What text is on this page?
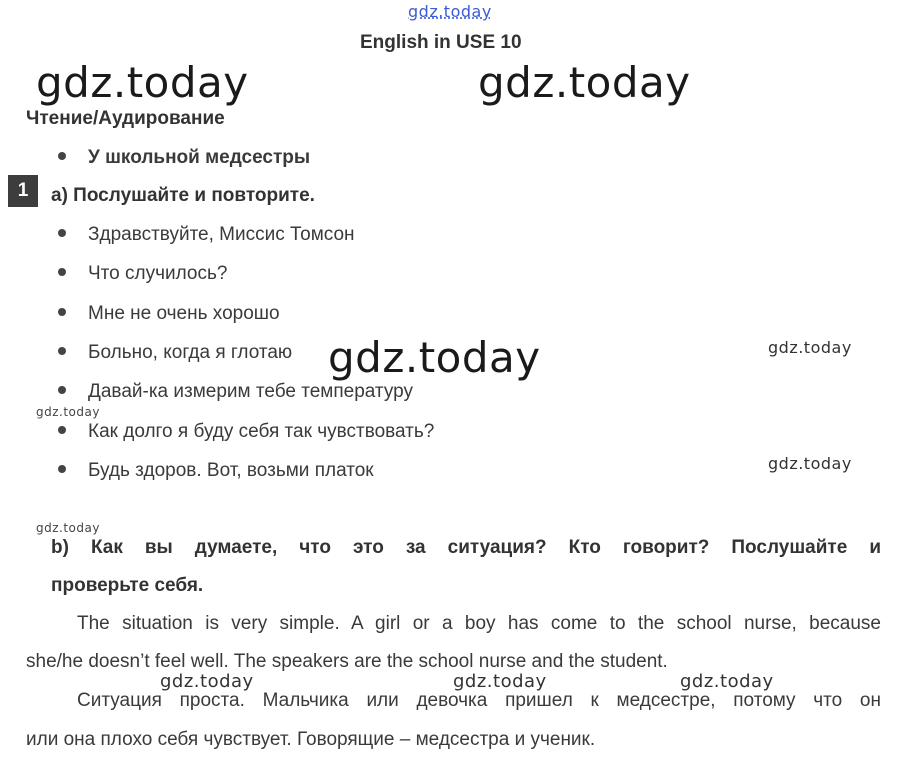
gdz.today
gdz.today	gdz.today
gdz.today	gdz.today
gdz.today
gdz.today
gdz.today
gdz.today	gdz.today	gdz.today
English in USE 10
Чтение/Аудирование
У школьной медсестры
1	a) Послушайте и повторите.
Здравствуйте, Миссис Томсон
Что случилось?
Мне не очень хорошо
Больно, когда я глотаю
Давай-ка измерим тебе температуру
Как долго я буду себя так чувствовать?
Будь здоров. Вот, возьми платок
b) Как вы думаете, что это за ситуация? Кто говорит? Послушайте и
проверьте себя.
The situation is very simple. A girl or a boy has come to the school nurse, because
she/he doesn’t feel well. The speakers are the school nurse and the student.
Ситуация проста. Мальчика или девочка пришел к медсестре, потому что он
или она плохо себя чувствует. Говорящие – медсестра и ученик.
